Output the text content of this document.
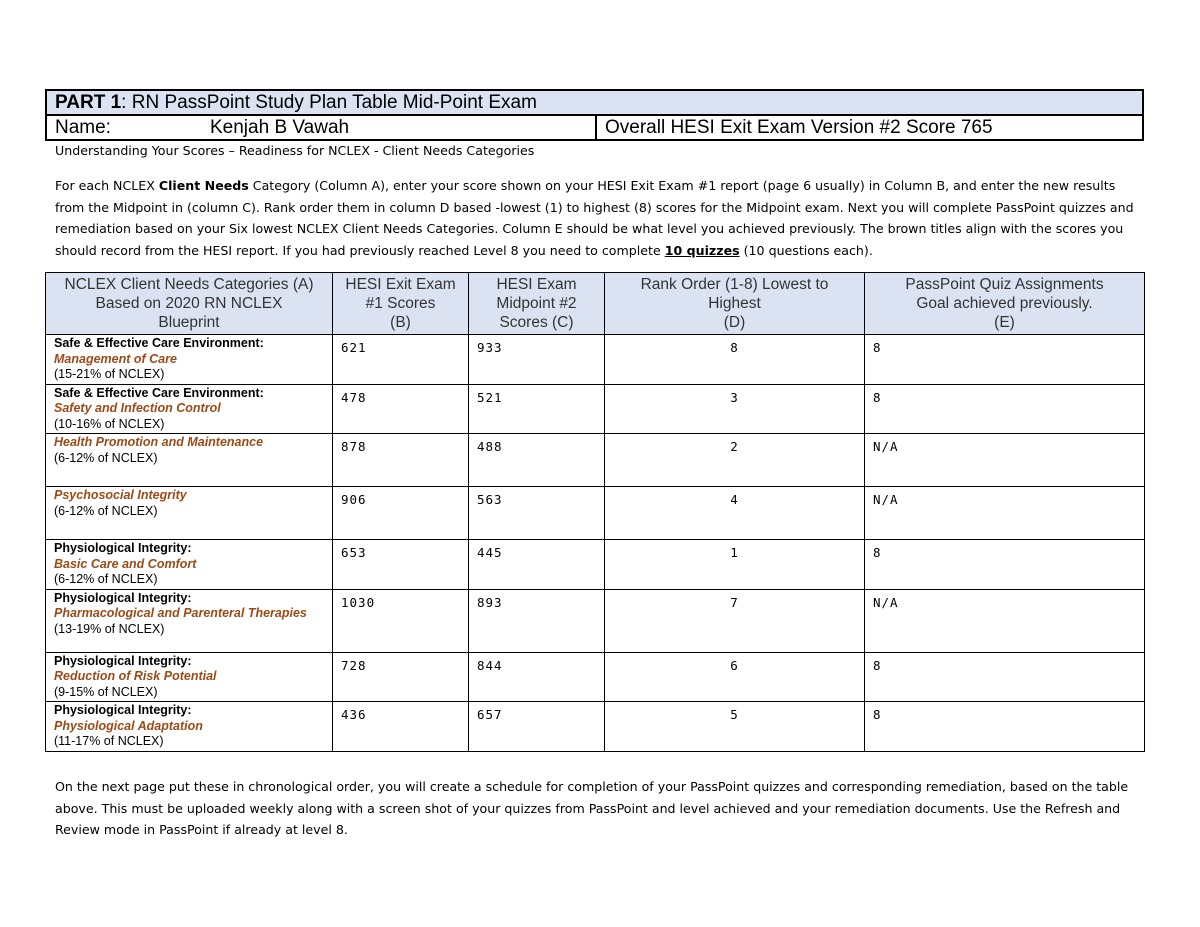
PART 1: RN PassPoint Study Plan Table Mid-Point Exam
Name:	Kenjah B Vawah	Overall HESI Exit Exam Version #2 Score 765
Understanding Your Scores – Readiness for NCLEX - Client Needs Categories
For each NCLEX Client Needs Category (Column A), enter your score shown on your HESI Exit Exam #1 report (page 6 usually) in Column B, and enter the new results from the Midpoint in (column C). Rank order them in column D based -lowest (1) to highest (8) scores for the Midpoint exam. Next you will complete PassPoint quizzes and remediation based on your Six lowest NCLEX Client Needs Categories. Column E should be what level you achieved previously. The brown titles align with the scores you should record from the HESI report. If you had previously reached Level 8 you need to complete 10 quizzes (10 questions each).
NCLEX Client Needs Categories (A)
Based on 2020 RN NCLEX
Blueprint	HESI Exit Exam
#1 Scores
(B)	HESI Exam
Midpoint #2
Scores (C)	Rank Order (1-8) Lowest to
Highest
(D)	PassPoint Quiz Assignments
Goal achieved previously.
(E)

Safe & Effective Care Environment:
Management of Care
(15-21% of NCLEX)	621	933	8	8

Safe & Effective Care Environment:
Safety and Infection Control
(10-16% of NCLEX)	478	521	3	8

Health Promotion and Maintenance
(6-12% of NCLEX)	878	488	2	N/A

Psychosocial Integrity
(6-12% of NCLEX)	906	563	4	N/A

Physiological Integrity:
Basic Care and Comfort
(6-12% of NCLEX)	653	445	1	8

Physiological Integrity:
Pharmacological and Parenteral Therapies
(13-19% of NCLEX)	1030	893	7	N/A

Physiological Integrity:
Reduction of Risk Potential
(9-15% of NCLEX)	728	844	6	8

Physiological Integrity:
Physiological Adaptation
(11-17% of NCLEX)	436	657	5	8
On the next page put these in chronological order, you will create a schedule for completion of your PassPoint quizzes and corresponding remediation, based on the table above. This must be uploaded weekly along with a screen shot of your quizzes from PassPoint and level achieved and your remediation documents. Use the Refresh and Review mode in PassPoint if already at level 8.
